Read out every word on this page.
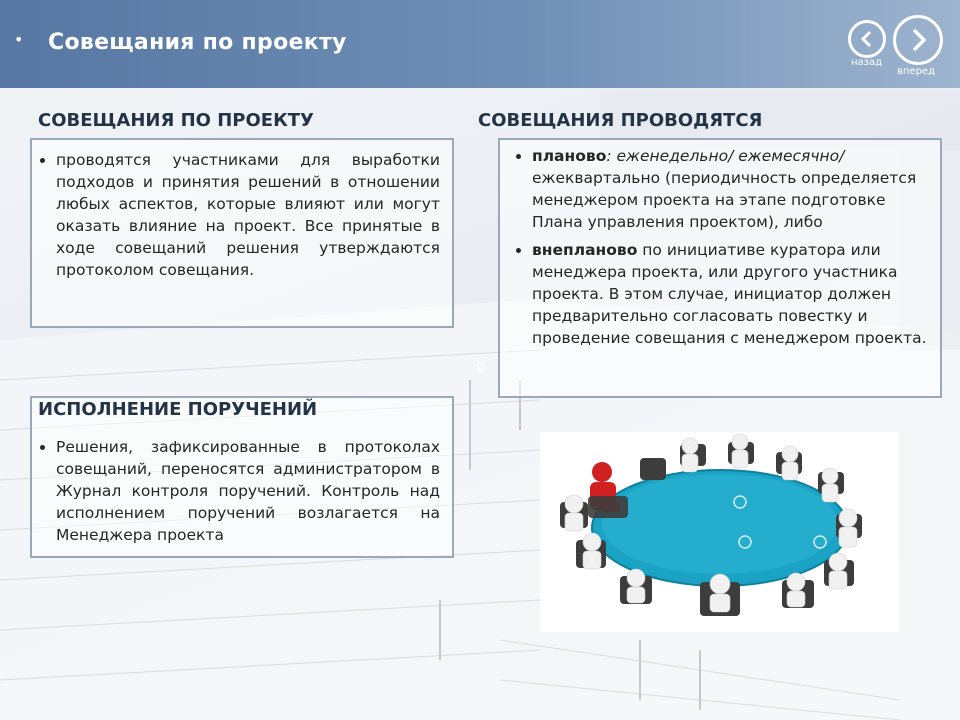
• Совещания по проекту
назад
вперед
СОВЕЩАНИЯ ПО ПРОЕКТУ
• проводятся участниками для выработки подходов и принятия решений в отношении любых аспектов, которые влияют или могут оказать влияние на проект. Все принятые в ходе совещаний решения утверждаются протоколом совещания.
ИСПОЛНЕНИЕ ПОРУЧЕНИЙ
• Решения, зафиксированные в протоколах совещаний, переносятся администратором в Журнал контроля поручений. Контроль над исполнением поручений возлагается на Менеджера проекта
0
СОВЕЩАНИЯ ПРОВОДЯТСЯ
• планово: еженедельно/ ежемесячно/ ежеквартально (периодичность определяется менеджером проекта на этапе подготовке Плана управления проектом), либо
• внепланово по инициативе куратора или менеджера проекта, или другого участника проекта. В этом случае, инициатор должен предварительно согласовать повестку и проведение совещания с менеджером проекта.
